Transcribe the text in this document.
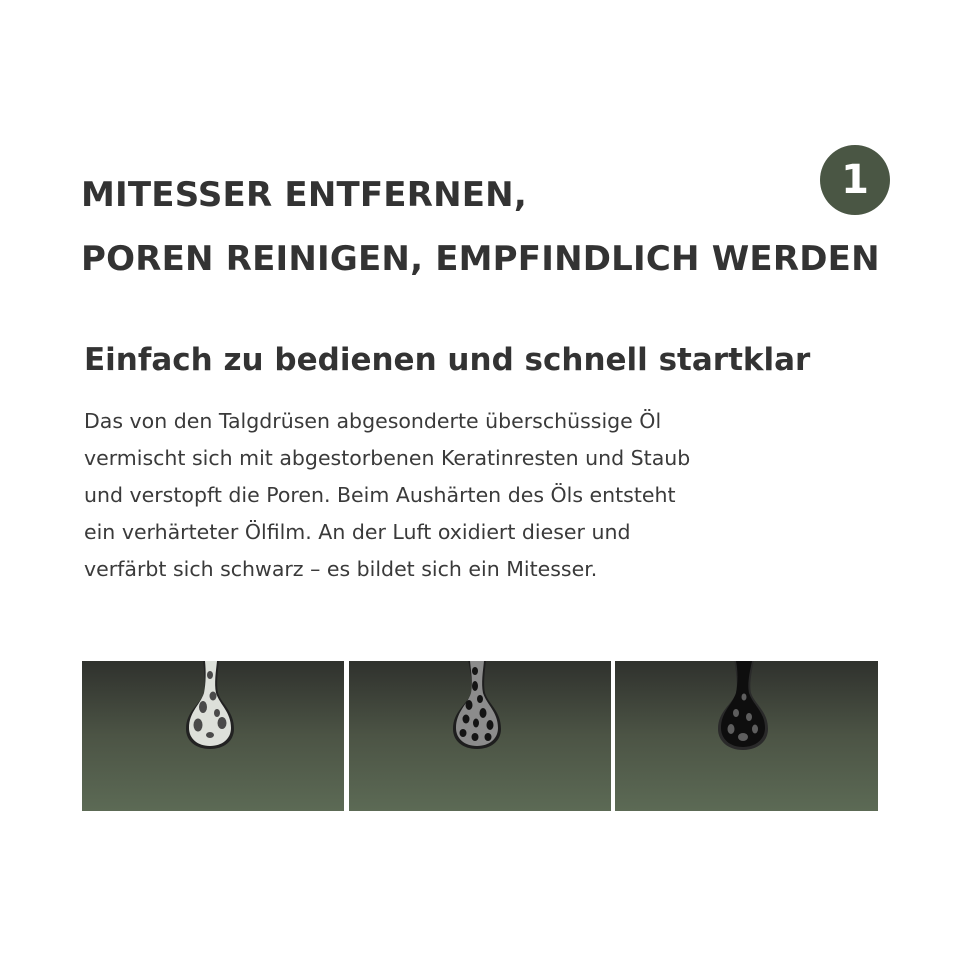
MITESSER ENTFERNEN,
POREN REINIGEN, EMPFINDLICH WERDEN
1
Einfach zu bedienen und schnell startklar

Das von den Talgdrüsen abgesonderte überschüssige Öl
vermischt sich mit abgestorbenen Keratinresten und Staub
und verstopft die Poren. Beim Aushärten des Öls entsteht
ein verhärteter Ölfilm. An der Luft oxidiert dieser und
verfärbt sich schwarz – es bildet sich ein Mitesser.
